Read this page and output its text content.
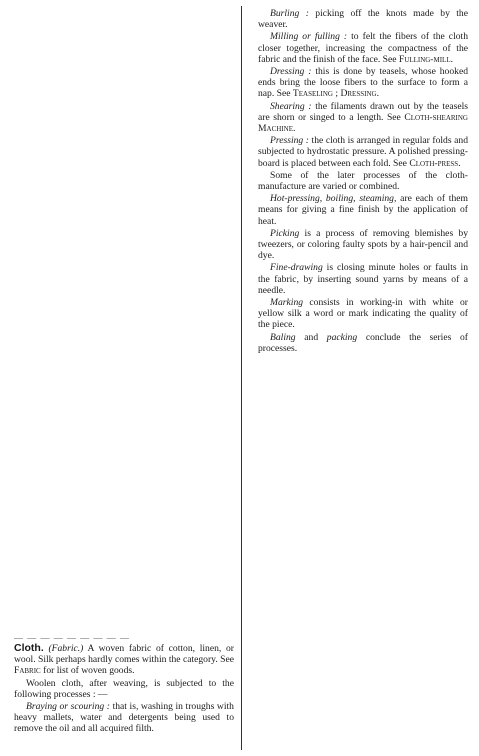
Burling : picking off the knots made by the weaver.

Milling or fulling : to felt the fibers of the cloth closer together, increasing the compactness of the fabric and the finish of the face. See Fulling-mill.

Dressing : this is done by teasels, whose hooked ends bring the loose fibers to the surface to form a nap. See Teaseling ; Dressing.

Shearing : the filaments drawn out by the teasels are shorn or singed to a length. See Cloth-shearing Machine.

Pressing : the cloth is arranged in regular folds and subjected to hydrostatic pressure. A polished pressing-board is placed between each fold. See Cloth-press.

Some of the later processes of the cloth-manufacture are varied or combined.

Hot-pressing, boiling, steaming, are each of them means for giving a fine finish by the application of heat.

Picking is a process of removing blemishes by tweezers, or coloring faulty spots by a hair-pencil and dye.

Fine-drawing is closing minute holes or faults in the fabric, by inserting sound yarns by means of a needle.

Marking consists in working-in with white or yellow silk a word or mark indicating the quality of the piece.

Baling and packing conclude the series of processes.

— — — — — — — — —

Cloth. (Fabric.) A woven fabric of cotton, linen, or wool. Silk perhaps hardly comes within the category. See Fabric for list of woven goods.

Woolen cloth, after weaving, is subjected to the following processes : —

Braying or scouring : that is, washing in troughs with heavy mallets, water and detergents being used to remove the oil and all acquired filth.
